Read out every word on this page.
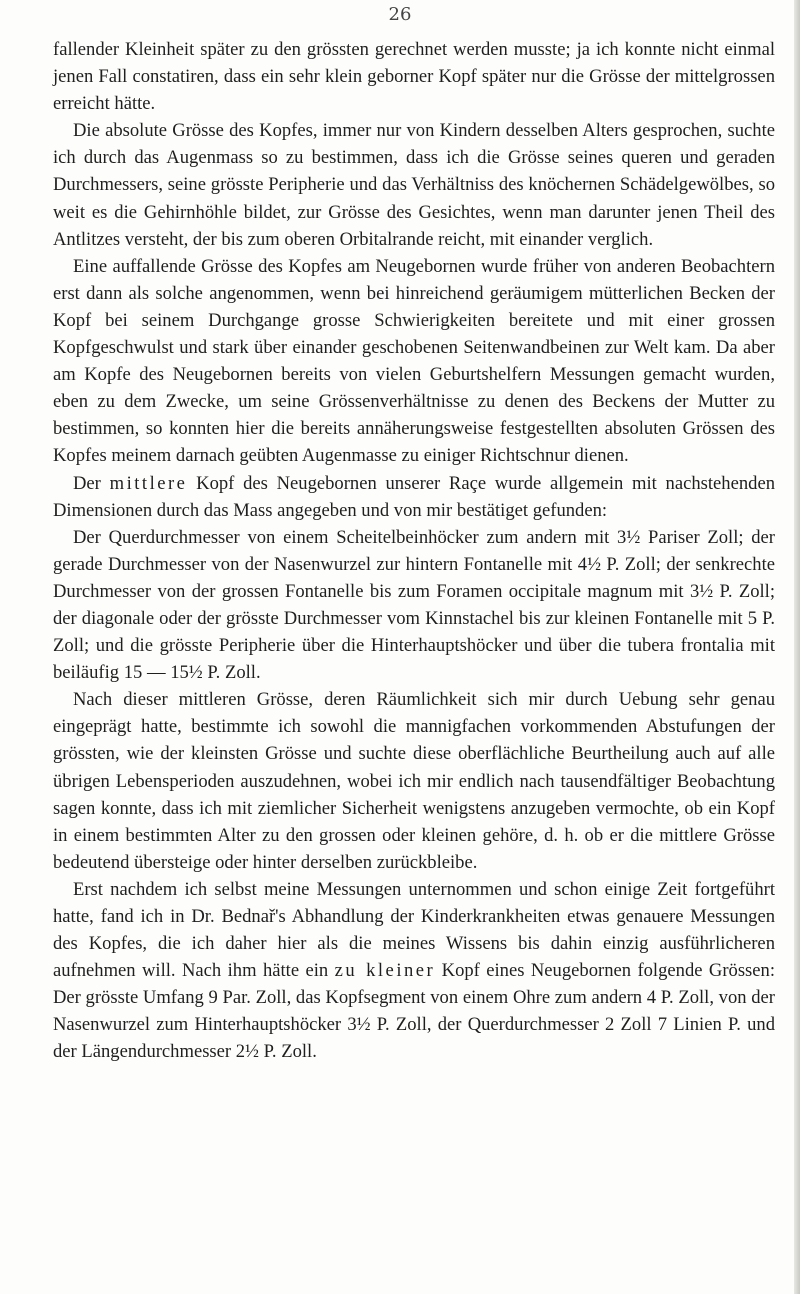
26

fallender Kleinheit später zu den grössten gerechnet werden musste; ja ich konnte nicht einmal jenen Fall constatiren, dass ein sehr klein geborner Kopf später nur die Grösse der mittelgrossen erreicht hätte.

Die absolute Grösse des Kopfes, immer nur von Kindern desselben Alters gesprochen, suchte ich durch das Augenmass so zu bestimmen, dass ich die Grösse seines queren und geraden Durchmessers, seine grösste Peripherie und das Verhältniss des knöchernen Schädelgewölbes, so weit es die Gehirnhöhle bildet, zur Grösse des Gesichtes, wenn man darunter jenen Theil des Antlitzes versteht, der bis zum oberen Orbitalrande reicht, mit einander verglich.

Eine auffallende Grösse des Kopfes am Neugebornen wurde früher von anderen Beobachtern erst dann als solche angenommen, wenn bei hinreichend geräumigem mütterlichen Becken der Kopf bei seinem Durchgange grosse Schwierigkeiten bereitete und mit einer grossen Kopfgeschwulst und stark über einander geschobenen Seitenwandbeinen zur Welt kam. Da aber am Kopfe des Neugebornen bereits von vielen Geburtshelfern Messungen gemacht wurden, eben zu dem Zwecke, um seine Grössenverhältnisse zu denen des Beckens der Mutter zu bestimmen, so konnten hier die bereits annäherungsweise festgestellten absoluten Grössen des Kopfes meinem darnach geübten Augenmasse zu einiger Richtschnur dienen.

Der mittlere Kopf des Neugebornen unserer Raçe wurde allgemein mit nachstehenden Dimensionen durch das Mass angegeben und von mir bestätiget gefunden:

Der Querdurchmesser von einem Scheitelbeinhöcker zum andern mit 3½ Pariser Zoll; der gerade Durchmesser von der Nasenwurzel zur hintern Fontanelle mit 4½ P. Zoll; der senkrechte Durchmesser von der grossen Fontanelle bis zum Foramen occipitale magnum mit 3½ P. Zoll; der diagonale oder der grösste Durchmesser vom Kinnstachel bis zur kleinen Fontanelle mit 5 P. Zoll; und die grösste Peripherie über die Hinterhauptshöcker und über die tubera frontalia mit beiläufig 15 — 15½ P. Zoll.

Nach dieser mittleren Grösse, deren Räumlichkeit sich mir durch Uebung sehr genau eingeprägt hatte, bestimmte ich sowohl die mannigfachen vorkommenden Abstufungen der grössten, wie der kleinsten Grösse und suchte diese oberflächliche Beurtheilung auch auf alle übrigen Lebensperioden auszudehnen, wobei ich mir endlich nach tausendfältiger Beobachtung sagen konnte, dass ich mit ziemlicher Sicherheit wenigstens anzugeben vermochte, ob ein Kopf in einem bestimmten Alter zu den grossen oder kleinen gehöre, d. h. ob er die mittlere Grösse bedeutend übersteige oder hinter derselben zurückbleibe.

Erst nachdem ich selbst meine Messungen unternommen und schon einige Zeit fortgeführt hatte, fand ich in Dr. Bednař's Abhandlung der Kinderkrankheiten etwas genauere Messungen des Kopfes, die ich daher hier als die meines Wissens bis dahin einzig ausführlicheren aufnehmen will. Nach ihm hätte ein zu kleiner Kopf eines Neugebornen folgende Grössen: Der grösste Umfang 9 Par. Zoll, das Kopfsegment von einem Ohre zum andern 4 P. Zoll, von der Nasenwurzel zum Hinterhauptshöcker 3½ P. Zoll, der Querdurchmesser 2 Zoll 7 Linien P. und der Längendurchmesser 2½ P. Zoll.
